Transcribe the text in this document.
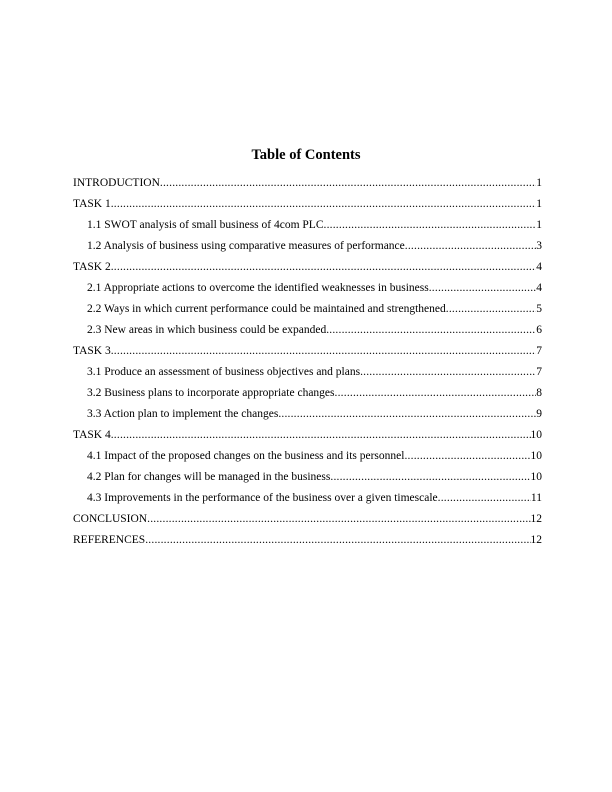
Table of Contents
INTRODUCTION .....	1
TASK 1 .....	1
1.1 SWOT analysis of small business of 4com PLC .....	1
1.2 Analysis of business using comparative measures of performance .....	3
TASK 2 .....	4
2.1 Appropriate actions to overcome the identified weaknesses in business .....	4
2.2 Ways in which current performance could be maintained and strengthened .....	5
2.3 New areas in which business could be expanded .....	6
TASK 3 .....	7
3.1 Produce an assessment of business objectives and plans .....	7
3.2 Business plans to incorporate appropriate changes .....	8
3.3 Action plan to implement the changes .....	9
TASK 4 .....	10
4.1 Impact of the proposed changes on the business and its personnel .....	10
4.2 Plan for changes will be managed in the business .....	10
4.3 Improvements in the performance of the business over a given timescale .....	11
CONCLUSION .....	12
REFERENCES .....	12
